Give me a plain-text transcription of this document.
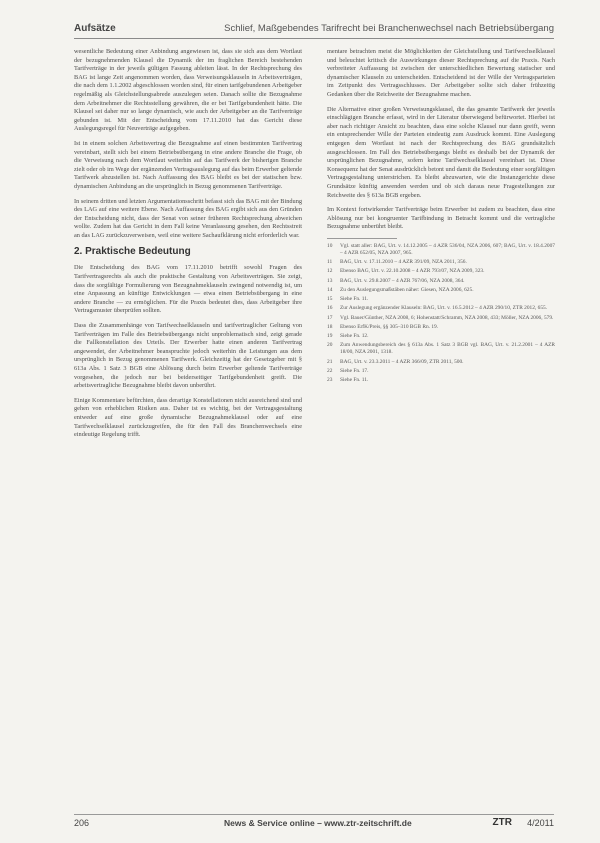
Aufsätze	Schlief, Maßgebendes Tarifrecht bei Branchenwechsel nach Betriebsübergang

wesentliche Bedeutung einer Anbindung angewiesen ist, dass sie sich aus dem Wortlaut der bezugnehmenden Klausel die Dynamik der im fraglichen Bereich bestehenden Tarifverträge in der jeweils gültigen Fassung ableiten lässt. In der Rechtsprechung des BAG ist lange Zeit angenommen worden, dass Verweisungsklauseln in Arbeitsverträgen, die nach dem 1.1.2002 abgeschlossen worden sind, für einen tarifgebundenen Arbeitgeber regelmäßig als Gleichstellungsabrede auszulegen seien. Danach sollte die Bezugnahme dem Arbeitnehmer die Rechtsstellung gewähren, die er bei Tarifgebundenheit hätte. Die Klausel sei daher nur so lange dynamisch, wie auch der Arbeitgeber an die Tarifverträge gebunden ist. Mit der Entscheidung vom 17.11.2010 hat das Gericht diese Auslegungsregel für Neuverträge aufgegeben.

Ist in einem solchen Arbeitsvertrag die Bezugnahme auf einen bestimmten Tarifvertrag vereinbart, stellt sich bei einem Betriebsübergang in eine andere Branche die Frage, ob die Verweisung nach dem Wortlaut weiterhin auf das Tarifwerk der bisherigen Branche zielt oder ob im Wege der ergänzenden Vertragsauslegung auf das beim Erwerber geltende Tarifwerk abzustellen ist. Nach Auffassung des BAG bleibt es bei der statischen bzw. dynamischen Anbindung an die ursprünglich in Bezug genommenen Tarifverträge.

In seinem dritten und letzten Argumentationsschritt befasst sich das BAG mit der Bindung des LAG auf eine weitere Ebene. Nach Auffassung des BAG ergibt sich aus den Gründen der Entscheidung nicht, dass der Senat von seiner früheren Rechtsprechung abweichen wollte. Zudem hat das Gericht in dem Fall keine Veranlassung gesehen, den Rechtsstreit an das LAG zurückzuverweisen, weil eine weitere Sachaufklärung nicht erforderlich war.

2. Praktische Bedeutung

Die Entscheidung des BAG vom 17.11.2010 betrifft sowohl Fragen des Tarifvertragsrechts als auch die praktische Gestaltung von Arbeitsverträgen. Sie zeigt, dass die sorgfältige Formulierung von Bezugnahmeklauseln zwingend notwendig ist, um eine Anpassung an künftige Entwicklungen — etwa einen Betriebsübergang in eine andere Branche — zu ermöglichen. Für die Praxis bedeutet dies, dass Arbeitgeber ihre Vertragsmuster überprüfen sollten.

Dass die Zusammenhänge von Tarifwechselklauseln und tarifvertraglicher Geltung von Tarifverträgen im Falle des Betriebsübergangs nicht unproblematisch sind, zeigt gerade die Fallkonstellation des Urteils. Der Erwerber hatte einen anderen Tarifvertrag angewendet, der Arbeitnehmer beanspruchte jedoch weiterhin die Leistungen aus dem ursprünglich in Bezug genommenen Tarifwerk. Gleichzeitig hat der Gesetzgeber mit § 613a Abs. 1 Satz 3 BGB eine Ablösung durch beim Erwerber geltende Tarifverträge vorgesehen, die jedoch nur bei beiderseitiger Tarifgebundenheit greift. Die arbeitsvertragliche Bezugnahme bleibt davon unberührt.

Einige Kommentare befürchten, dass derartige Konstellationen nicht ausreichend sind und gehen von erheblichen Risiken aus. Daher ist es wichtig, bei der Vertragsgestaltung entweder auf eine große dynamische Bezugnahmeklausel oder auf eine Tarifwechselklausel zurückzugreifen, die für den Fall des Branchenwechsels eine eindeutige Regelung trifft.

mentare betrachten meist die Möglichkeiten der Gleichstellung und Tarifwechselklausel und beleuchtet kritisch die Auswirkungen dieser Rechtsprechung auf die Praxis. Nach verbreiteter Auffassung ist zwischen der unterschiedlichen Bewertung statischer und dynamischer Klauseln zu unterscheiden. Entscheidend ist der Wille der Vertragsparteien im Zeitpunkt des Vertragsschlusses. Der Arbeitgeber sollte sich daher frühzeitig Gedanken über die Reichweite der Bezugnahme machen.

Die Alternative einer großen Verweisungsklausel, die das gesamte Tarifwerk der jeweils einschlägigen Branche erfasst, wird in der Literatur überwiegend befürwortet. Hierbei ist aber nach richtiger Ansicht zu beachten, dass eine solche Klausel nur dann greift, wenn ein entsprechender Wille der Parteien eindeutig zum Ausdruck kommt. Eine Auslegung entgegen dem Wortlaut ist nach der Rechtsprechung des BAG grundsätzlich ausgeschlossen. Im Fall des Betriebsübergangs bleibt es deshalb bei der Dynamik der ursprünglichen Bezugnahme, sofern keine Tarifwechselklausel vereinbart ist. Diese Konsequenz hat der Senat ausdrücklich betont und damit die Bedeutung einer sorgfältigen Vertragsgestaltung unterstrichen. Es bleibt abzuwarten, wie die Instanzgerichte diese Grundsätze künftig anwenden werden und ob sich daraus neue Fragestellungen zur Reichweite des § 613a BGB ergeben.

Im Kontext fortwirkender Tarifverträge beim Erwerber ist zudem zu beachten, dass eine Ablösung nur bei kongruenter Tarifbindung in Betracht kommt und die vertragliche Bezugnahme unberührt bleibt.

10	Vgl. statt aller: BAG, Urt. v. 14.12.2005 – 4 AZR 536/04, NZA 2006, 607; BAG, Urt. v. 18.4.2007 – 4 AZR 652/05, NZA 2007, 965.
11	BAG, Urt. v. 17.11.2010 – 4 AZR 391/09, NZA 2011, 356.
12	Ebenso BAG, Urt. v. 22.10.2008 – 4 AZR 793/07, NZA 2009, 323.
13	BAG, Urt. v. 29.8.2007 – 4 AZR 767/06, NZA 2008, 364.
14	Zu den Auslegungsmaßstäben näher: Giesen, NZA 2006, 625.
15	Siehe Fn. 11.
16	Zur Auslegung ergänzender Klauseln: BAG, Urt. v. 16.5.2012 – 4 AZR 290/10, ZTR 2012, 655.
17	Vgl. Bauer/Günther, NZA 2008, 6; Hohenstatt/Schramm, NZA 2008, 433; Möller, NZA 2006, 579.
18	Ebenso ErfK/Preis, §§ 305–310 BGB Rn. 19.
19	Siehe Fn. 12.
20	Zum Anwendungsbereich des § 613a Abs. 1 Satz 3 BGB vgl. BAG, Urt. v. 21.2.2001 – 4 AZR 18/00, NZA 2001, 1318.
21	BAG, Urt. v. 23.3.2011 – 4 AZR 366/09, ZTR 2011, 500.
22	Siehe Fn. 17.
23	Siehe Fn. 11.
206	News & Service online – www.ztr-zeitschrift.de	ZTR 4/2011
